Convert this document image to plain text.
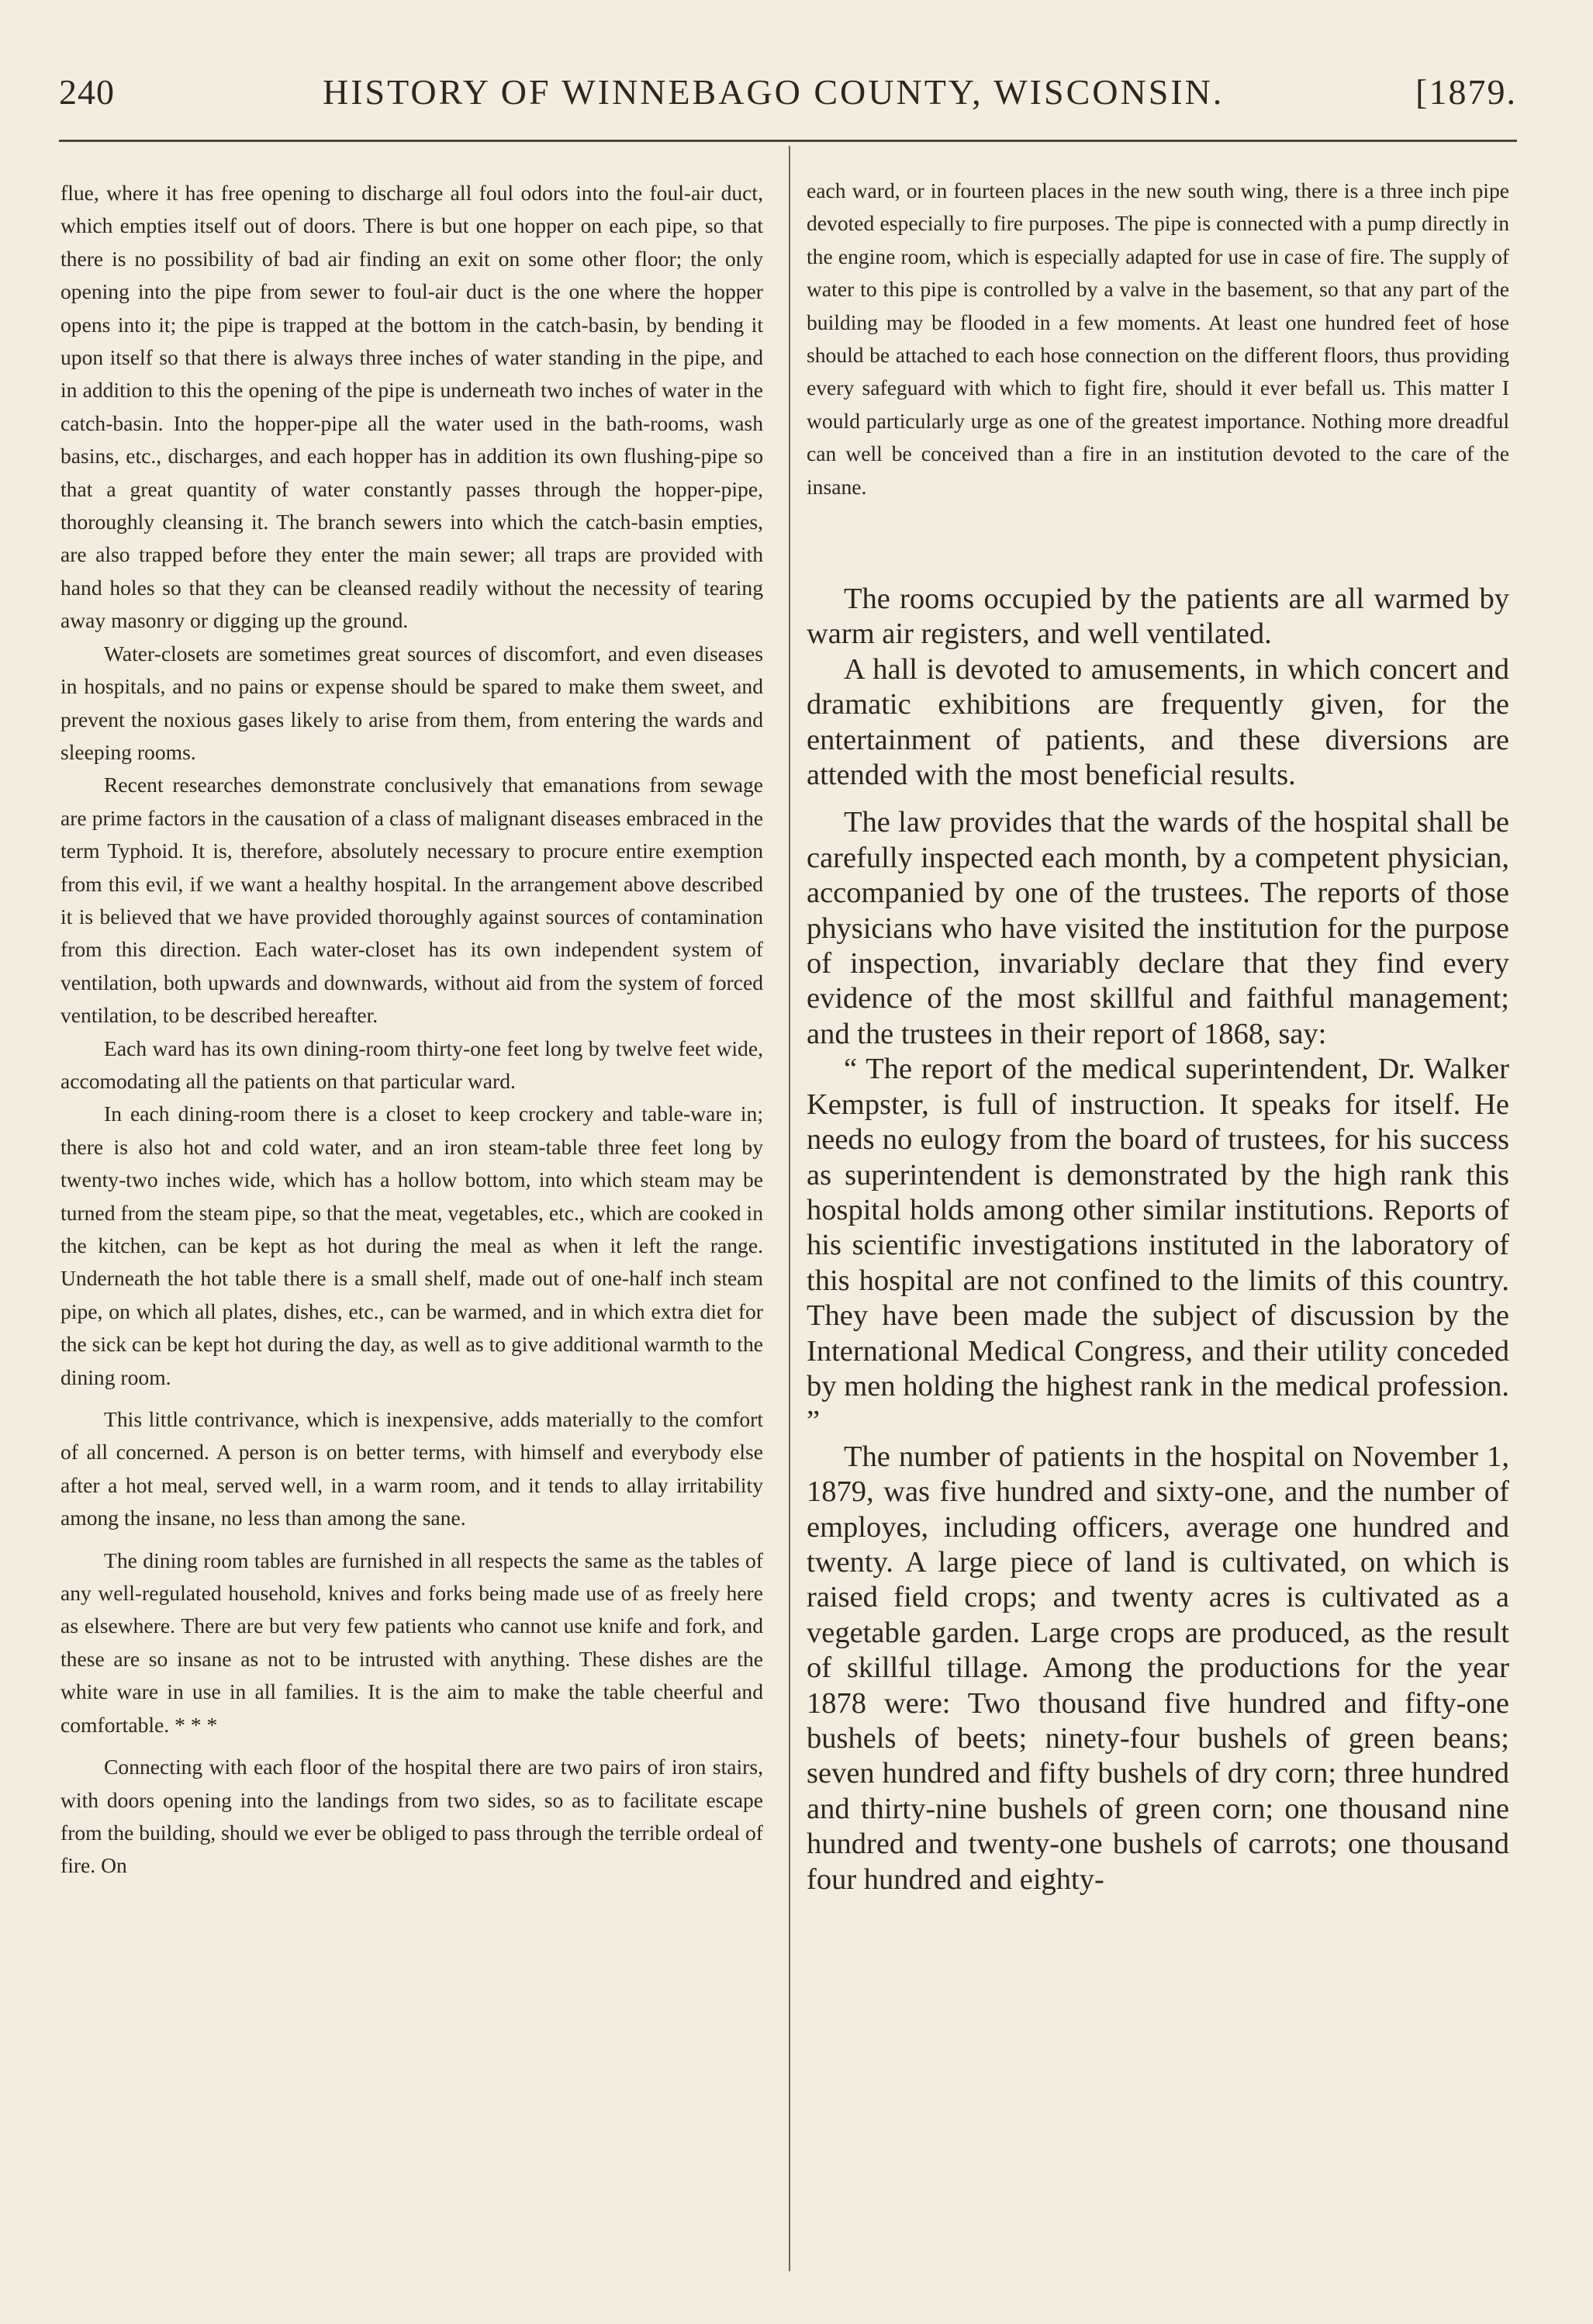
240	HISTORY OF WINNEBAGO COUNTY, WISCONSIN.	[1879.

flue, where it has free opening to discharge all foul odors into the foul-air duct, which empties itself out of doors. There is but one hopper on each pipe, so that there is no possibility of bad air finding an exit on some other floor; the only opening into the pipe from sewer to foul-air duct is the one where the hopper opens into it; the pipe is trapped at the bottom in the catch-basin, by bending it upon itself so that there is always three inches of water standing in the pipe, and in addition to this the opening of the pipe is underneath two inches of water in the catch-basin. Into the hopper-pipe all the water used in the bath-rooms, wash basins, etc., discharges, and each hopper has in addition its own flushing-pipe so that a great quantity of water constantly passes through the hopper-pipe, thoroughly cleansing it. The branch sewers into which the catch-basin empties, are also trapped before they enter the main sewer; all traps are provided with hand holes so that they can be cleansed readily without the necessity of tearing away masonry or digging up the ground.

Water-closets are sometimes great sources of discomfort, and even diseases in hospitals, and no pains or expense should be spared to make them sweet, and prevent the noxious gases likely to arise from them, from entering the wards and sleeping rooms.

Recent researches demonstrate conclusively that emanations from sewage are prime factors in the causation of a class of malignant diseases embraced in the term Typhoid. It is, therefore, absolutely necessary to procure entire exemption from this evil, if we want a healthy hospital. In the arrangement above described it is believed that we have provided thoroughly against sources of contamination from this direction. Each water-closet has its own independent system of ventilation, both upwards and downwards, without aid from the system of forced ventilation, to be described hereafter.

Each ward has its own dining-room thirty-one feet long by twelve feet wide, accomodating all the patients on that particular ward.

In each dining-room there is a closet to keep crockery and table-ware in; there is also hot and cold water, and an iron steam-table three feet long by twenty-two inches wide, which has a hollow bottom, into which steam may be turned from the steam pipe, so that the meat, vegetables, etc., which are cooked in the kitchen, can be kept as hot during the meal as when it left the range. Underneath the hot table there is a small shelf, made out of one-half inch steam pipe, on which all plates, dishes, etc., can be warmed, and in which extra diet for the sick can be kept hot during the day, as well as to give additional warmth to the dining room.

This little contrivance, which is inexpensive, adds materially to the comfort of all concerned. A person is on better terms, with himself and everybody else after a hot meal, served well, in a warm room, and it tends to allay irritability among the insane, no less than among the sane.

The dining room tables are furnished in all respects the same as the tables of any well-regulated household, knives and forks being made use of as freely here as elsewhere. There are but very few patients who cannot use knife and fork, and these are so insane as not to be intrusted with anything. These dishes are the white ware in use in all families. It is the aim to make the table cheerful and comfortable. * * *

Connecting with each floor of the hospital there are two pairs of iron stairs, with doors opening into the landings from two sides, so as to facilitate escape from the building, should we ever be obliged to pass through the terrible ordeal of fire. On

each ward, or in fourteen places in the new south wing, there is a three inch pipe devoted especially to fire purposes. The pipe is connected with a pump directly in the engine room, which is especially adapted for use in case of fire. The supply of water to this pipe is controlled by a valve in the basement, so that any part of the building may be flooded in a few moments. At least one hundred feet of hose should be attached to each hose connection on the different floors, thus providing every safeguard with which to fight fire, should it ever befall us. This matter I would particularly urge as one of the greatest importance. Nothing more dreadful can well be conceived than a fire in an institution devoted to the care of the insane.

The rooms occupied by the patients are all warmed by warm air registers, and well ventilated.

A hall is devoted to amusements, in which concert and dramatic exhibitions are frequently given, for the entertainment of patients, and these diversions are attended with the most beneficial results.

The law provides that the wards of the hospital shall be carefully inspected each month, by a competent physician, accompanied by one of the trustees. The reports of those physicians who have visited the institution for the purpose of inspection, invariably declare that they find every evidence of the most skillful and faithful management; and the trustees in their report of 1868, say:

“ The report of the medical superintendent, Dr. Walker Kempster, is full of instruction. It speaks for itself. He needs no eulogy from the board of trustees, for his success as superintendent is demonstrated by the high rank this hospital holds among other similar institutions. Reports of his scientific investigations instituted in the laboratory of this hospital are not confined to the limits of this country. They have been made the subject of discussion by the International Medical Congress, and their utility conceded by men holding the highest rank in the medical profession. ”

The number of patients in the hospital on November 1, 1879, was five hundred and sixty-one, and the number of employes, including officers, average one hundred and twenty. A large piece of land is cultivated, on which is raised field crops; and twenty acres is cultivated as a vegetable garden. Large crops are produced, as the result of skillful tillage. Among the productions for the year 1878 were: Two thousand five hundred and fifty-one bushels of beets; ninety-four bushels of green beans; seven hundred and fifty bushels of dry corn; three hundred and thirty-nine bushels of green corn; one thousand nine hundred and twenty-one bushels of carrots; one thousand four hundred and eighty-
